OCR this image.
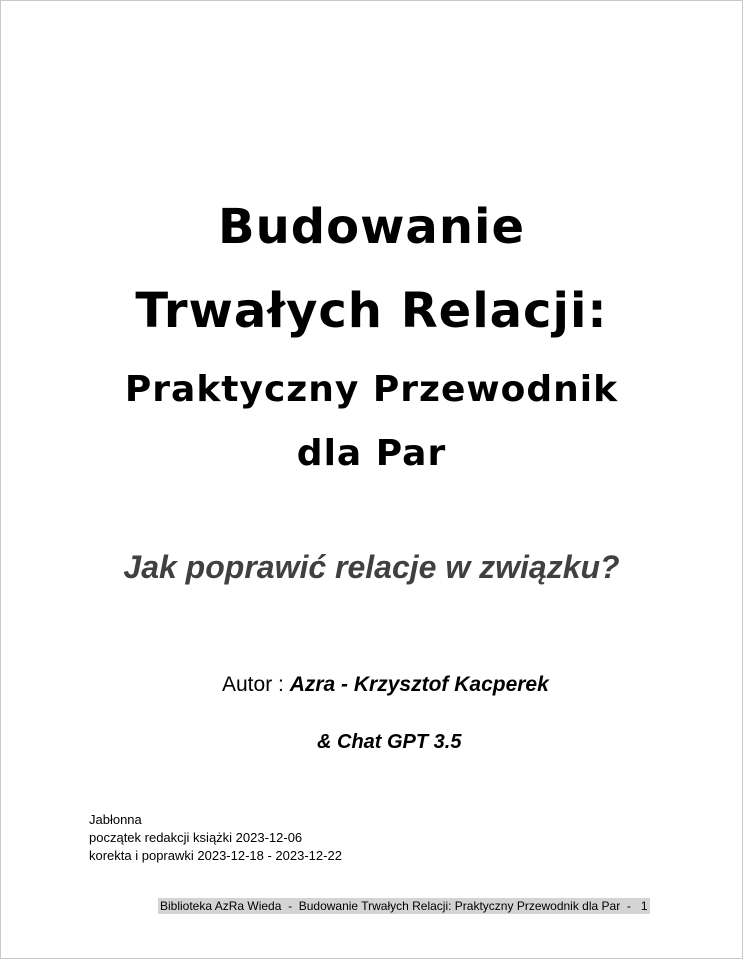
Budowanie
Trwałych Relacji:
Praktyczny Przewodnik
dla Par
Jak poprawić relacje w związku?
Autor : Azra - Krzysztof Kacperek
& Chat GPT 3.5
Jabłonna
początek redakcji książki 2023-12-06
korekta i poprawki 2023-12-18 - 2023-12-22
Biblioteka AzRa Wieda  -  Budowanie Trwałych Relacji: Praktyczny Przewodnik dla Par  -   1
